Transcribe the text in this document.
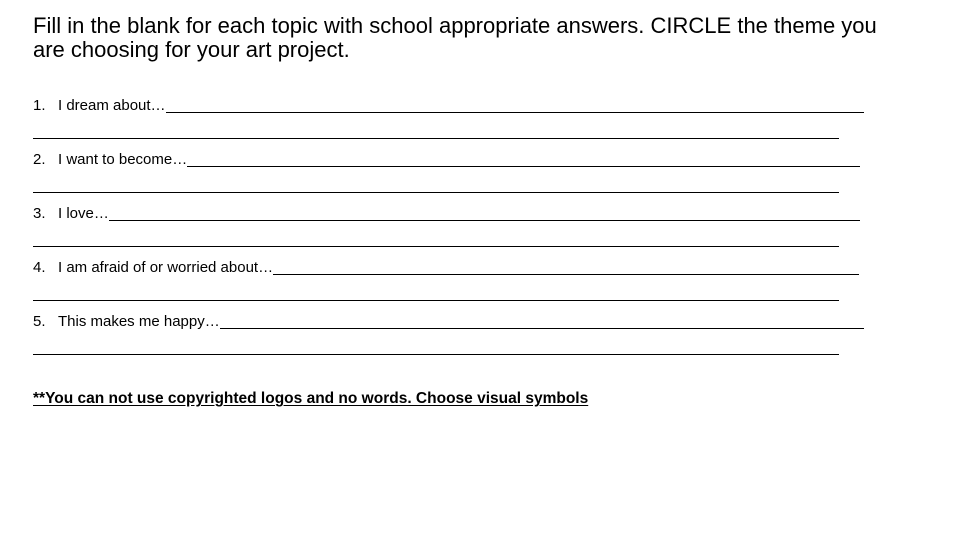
Fill in the blank for each topic with school appropriate answers. CIRCLE the theme you are choosing for your art project.
1. I dream about…
2. I want to become…
3. I love…
4. I am afraid of or worried about…
5. This makes me happy…
**You can not use copyrighted logos and no words. Choose visual symbols
